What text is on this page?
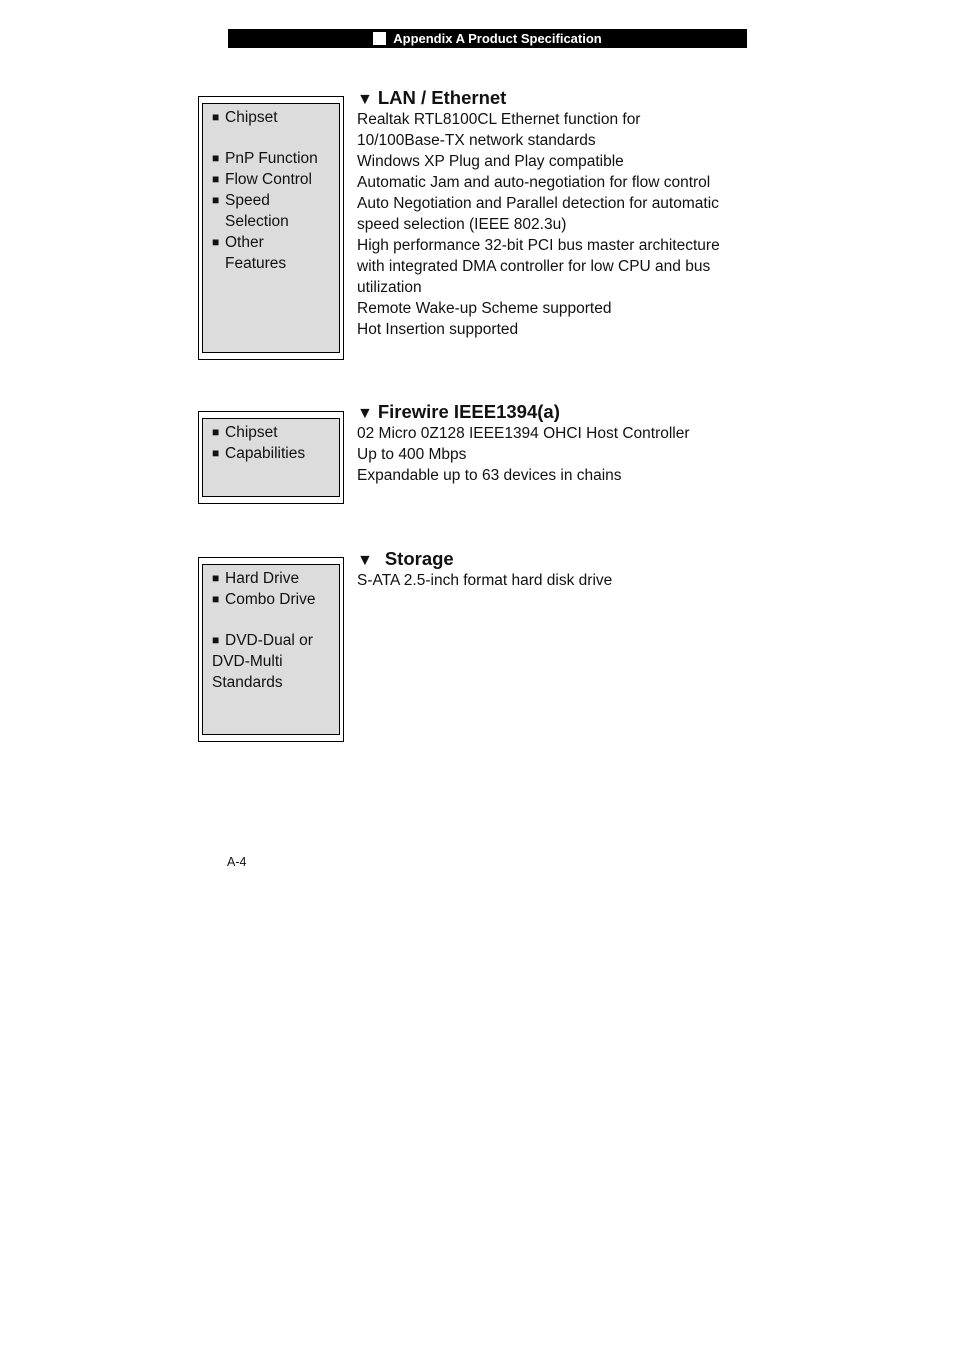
Appendix A Product Specification
■ Chipset
■ PnP Function
■ Flow Control
■ Speed
Selection
■ Other
Features
▼ LAN / Ethernet
Realtak RTL8100CL Ethernet function for
10/100Base-TX network standards
Windows XP Plug and Play compatible
Automatic Jam and auto-negotiation for flow control
Auto Negotiation and Parallel detection for automatic
speed selection (IEEE 802.3u)
High performance 32-bit PCI bus master architecture
with integrated DMA controller for low CPU and bus
utilization
Remote Wake-up Scheme supported
Hot Insertion supported
■ Chipset
■ Capabilities
▼ Firewire IEEE1394(a)
02 Micro 0Z128 IEEE1394 OHCI Host Controller
Up to 400 Mbps
Expandable up to 63 devices in chains
■ Hard Drive
■ Combo Drive
■ DVD-Dual or
DVD-Multi
Standards
▼ Storage
S-ATA 2.5-inch format hard disk drive
A-4
